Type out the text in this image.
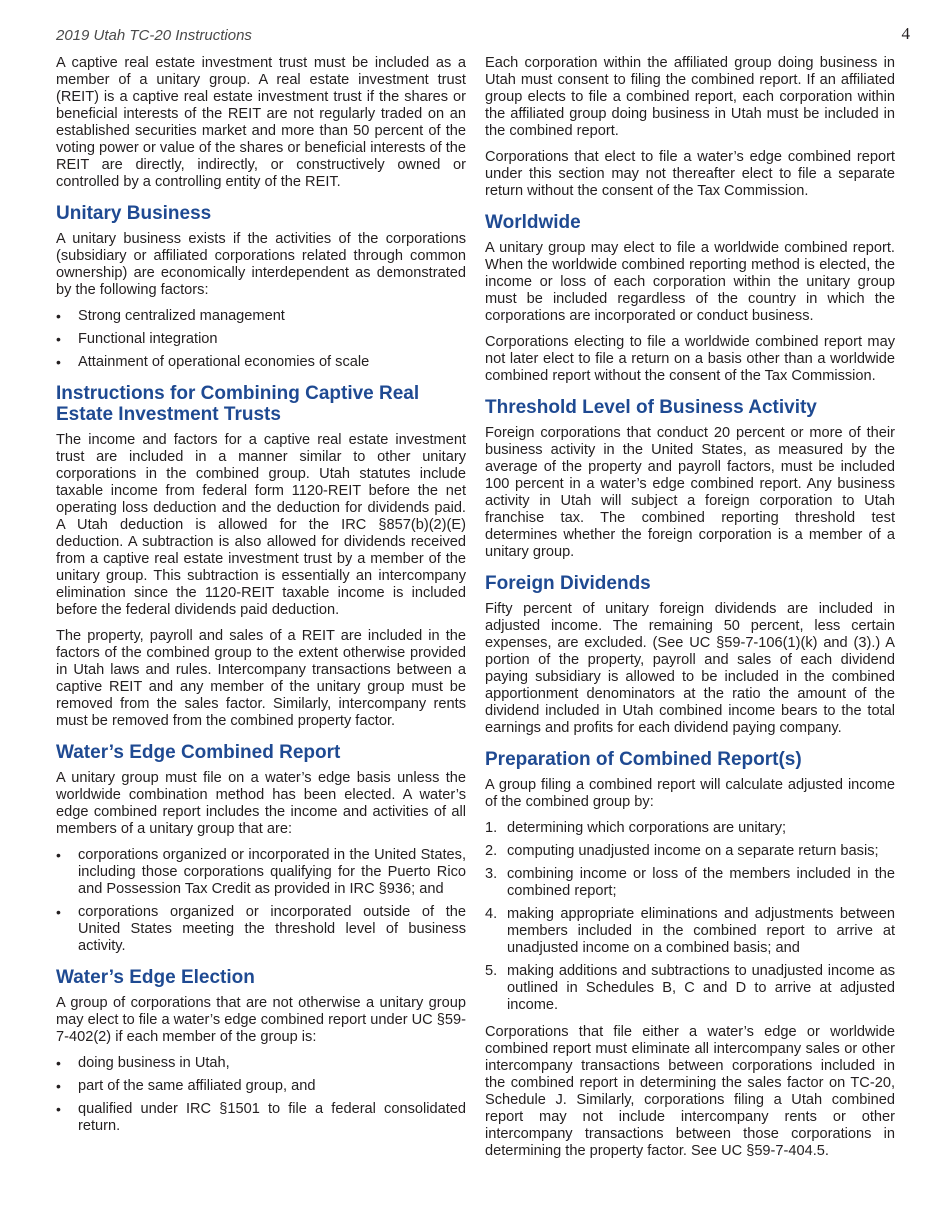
2019 Utah TC-20 Instructions	4

A captive real estate investment trust must be included as a member of a unitary group. A real estate investment trust (REIT) is a captive real estate investment trust if the shares or beneficial interests of the REIT are not regularly traded on an established securities market and more than 50 percent of the voting power or value of the shares or beneficial interests of the REIT are directly, indirectly, or constructively owned or controlled by a controlling entity of the REIT.

Unitary Business

A unitary business exists if the activities of the corporations (subsidiary or affiliated corporations related through common ownership) are economically interdependent as demonstrated by the following factors:

• Strong centralized management
• Functional integration
• Attainment of operational economies of scale
Instructions for Combining Captive Real Estate Investment Trusts

The income and factors for a captive real estate investment trust are included in a manner similar to other unitary corporations in the combined group. Utah statutes include taxable income from federal form 1120-REIT before the net operating loss deduction and the deduction for dividends paid. A Utah deduction is allowed for the IRC §857(b)(2)(E) deduction. A subtraction is also allowed for dividends received from a captive real estate investment trust by a member of the unitary group. This subtraction is essentially an intercompany elimination since the 1120-REIT taxable income is included before the federal dividends paid deduction.

The property, payroll and sales of a REIT are included in the factors of the combined group to the extent otherwise provided in Utah laws and rules. Intercompany transactions between a captive REIT and any member of the unitary group must be removed from the sales factor. Similarly, intercompany rents must be removed from the combined property factor.

Water’s Edge Combined Report

A unitary group must file on a water’s edge basis unless the worldwide combination method has been elected. A water’s edge combined report includes the income and activities of all members of a unitary group that are:

• corporations organized or incorporated in the United States, including those corporations qualifying for the Puerto Rico and Possession Tax Credit as provided in IRC §936; and
• corporations organized or incorporated outside of the United States meeting the threshold level of business activity.
Water’s Edge Election

A group of corporations that are not otherwise a unitary group may elect to file a water’s edge combined report under UC §59-7-402(2) if each member of the group is:

• doing business in Utah,
• part of the same affiliated group, and
• qualified under IRC §1501 to file a federal consolidated return.

Each corporation within the affiliated group doing business in Utah must consent to filing the combined report. If an affiliated group elects to file a combined report, each corporation within the affiliated group doing business in Utah must be included in the combined report.

Corporations that elect to file a water’s edge combined report under this section may not thereafter elect to file a separate return without the consent of the Tax Commission.

Worldwide

A unitary group may elect to file a worldwide combined report. When the worldwide combined reporting method is elected, the income or loss of each corporation within the unitary group must be included regardless of the country in which the corporations are incorporated or conduct business.

Corporations electing to file a worldwide combined report may not later elect to file a return on a basis other than a worldwide combined report without the consent of the Tax Commission.

Threshold Level of Business Activity

Foreign corporations that conduct 20 percent or more of their business activity in the United States, as measured by the average of the property and payroll factors, must be included 100 percent in a water’s edge combined report. Any business activity in Utah will subject a foreign corporation to Utah franchise tax. The combined reporting threshold test determines whether the foreign corporation is a member of a unitary group.

Foreign Dividends

Fifty percent of unitary foreign dividends are included in adjusted income. The remaining 50 percent, less certain expenses, are excluded. (See UC §59-7-106(1)(k) and (3).) A portion of the property, payroll and sales of each dividend paying subsidiary is allowed to be included in the combined apportionment denominators at the ratio the amount of the dividend included in Utah combined income bears to the total earnings and profits for each dividend paying company.

Preparation of Combined Report(s)

A group filing a combined report will calculate adjusted income of the combined group by:

1. determining which corporations are unitary;
2. computing unadjusted income on a separate return basis;
3. combining income or loss of the members included in the combined report;
4. making appropriate eliminations and adjustments between members included in the combined report to arrive at unadjusted income on a combined basis; and
5. making additions and subtractions to unadjusted income as outlined in Schedules B, C and D to arrive at adjusted income.

Corporations that file either a water’s edge or worldwide combined report must eliminate all intercompany sales or other intercompany transactions between corporations included in the combined report in determining the sales factor on TC-20, Schedule J. Similarly, corporations filing a Utah combined report may not include intercompany rents or other intercompany transactions between those corporations in determining the property factor. See UC §59-7-404.5.
